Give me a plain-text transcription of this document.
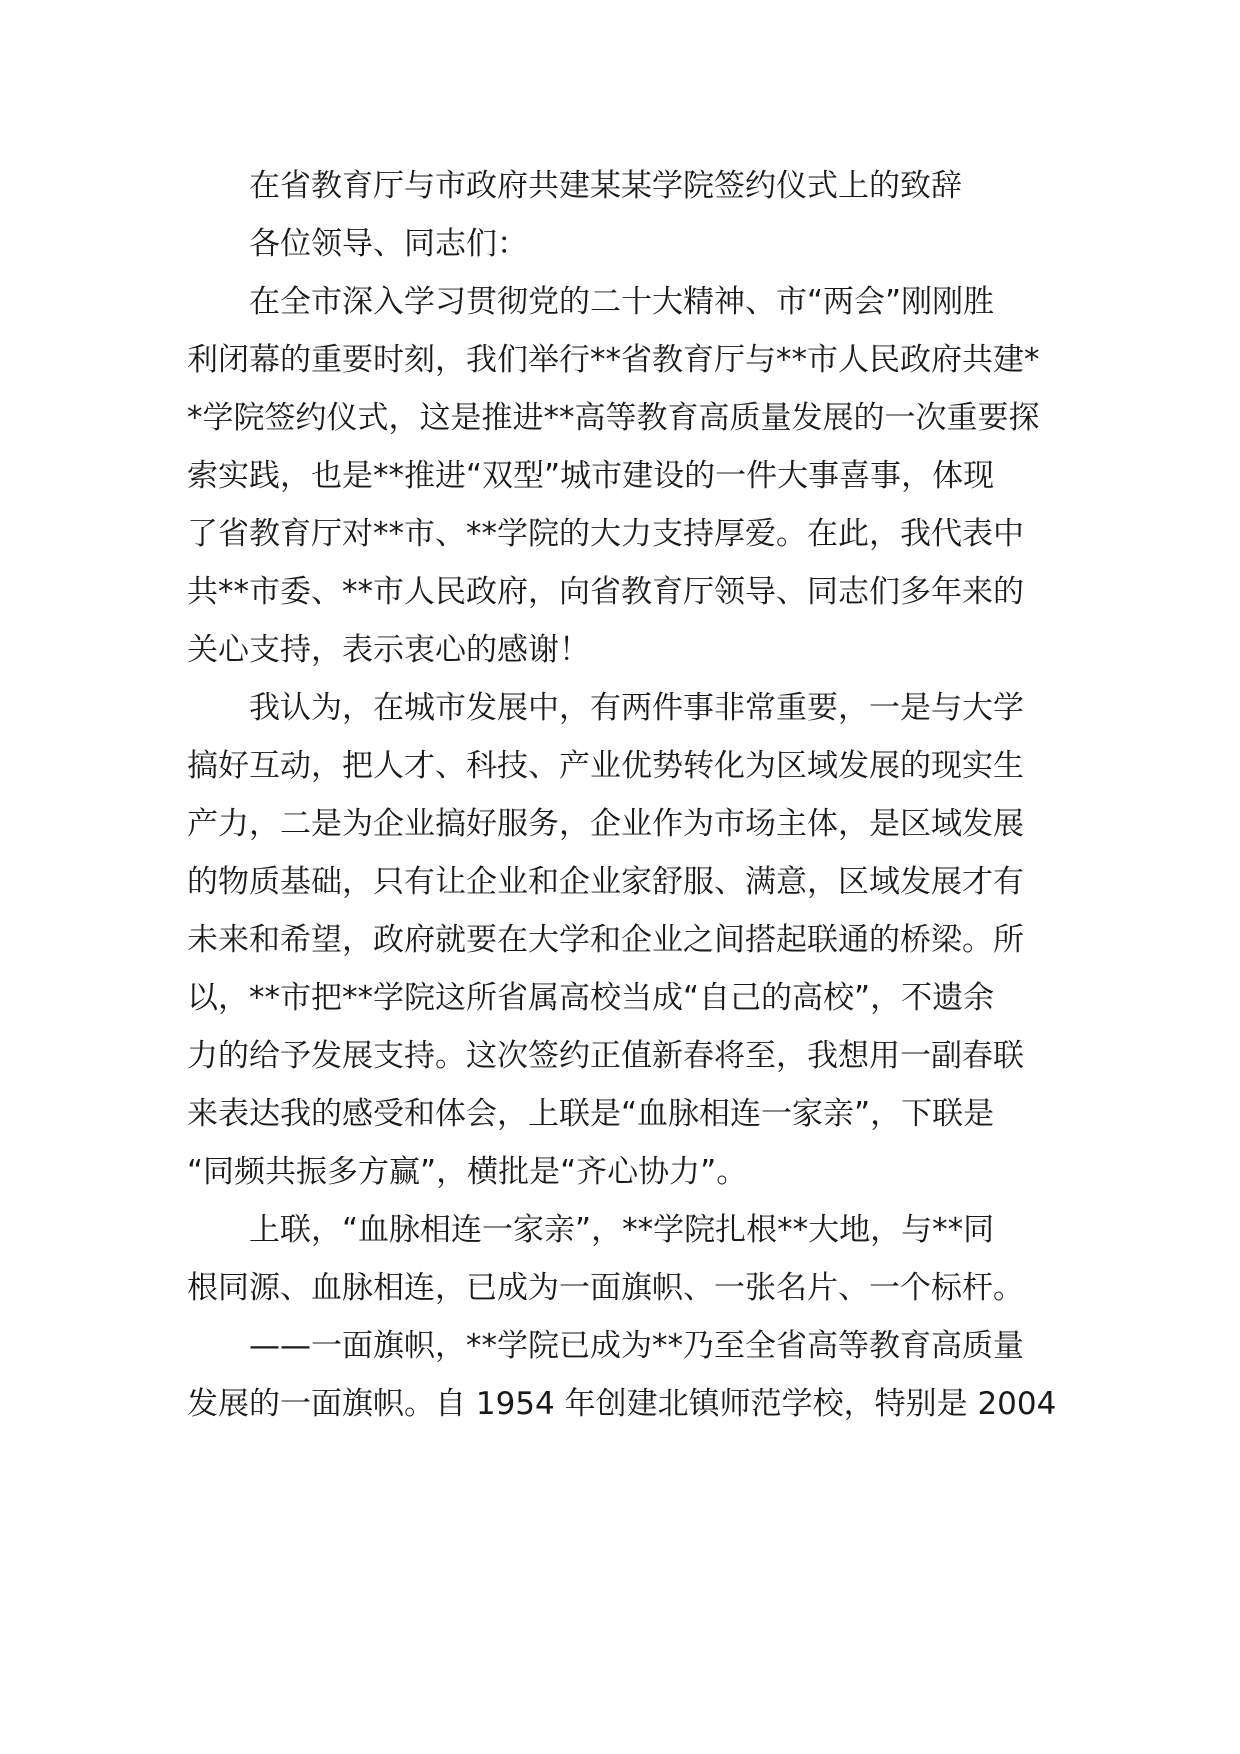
在省教育厅与市政府共建某某学院签约仪式上的致辞
各位领导、同志们：
在全市深入学习贯彻党的二十大精神、市“两会”刚刚胜
利闭幕的重要时刻，我们举行**省教育厅与**市人民政府共建*
*学院签约仪式，这是推进**高等教育高质量发展的一次重要探
索实践，也是**推进“双型”城市建设的一件大事喜事，体现
了省教育厅对**市、**学院的大力支持厚爱。在此，我代表中
共**市委、**市人民政府，向省教育厅领导、同志们多年来的
关心支持，表示衷心的感谢！
我认为，在城市发展中，有两件事非常重要，一是与大学
搞好互动，把人才、科技、产业优势转化为区域发展的现实生
产力，二是为企业搞好服务，企业作为市场主体，是区域发展
的物质基础，只有让企业和企业家舒服、满意，区域发展才有
未来和希望，政府就要在大学和企业之间搭起联通的桥梁。所
以，**市把**学院这所省属高校当成“自己的高校”，不遗余
力的给予发展支持。这次签约正值新春将至，我想用一副春联
来表达我的感受和体会，上联是“血脉相连一家亲”，下联是
“同频共振多方赢”，横批是“齐心协力”。
上联，“血脉相连一家亲”，**学院扎根**大地，与**同
根同源、血脉相连，已成为一面旗帜、一张名片、一个标杆。
——一面旗帜，**学院已成为**乃至全省高等教育高质量
发展的一面旗帜。自 1954 年创建北镇师范学校，特别是 2004
